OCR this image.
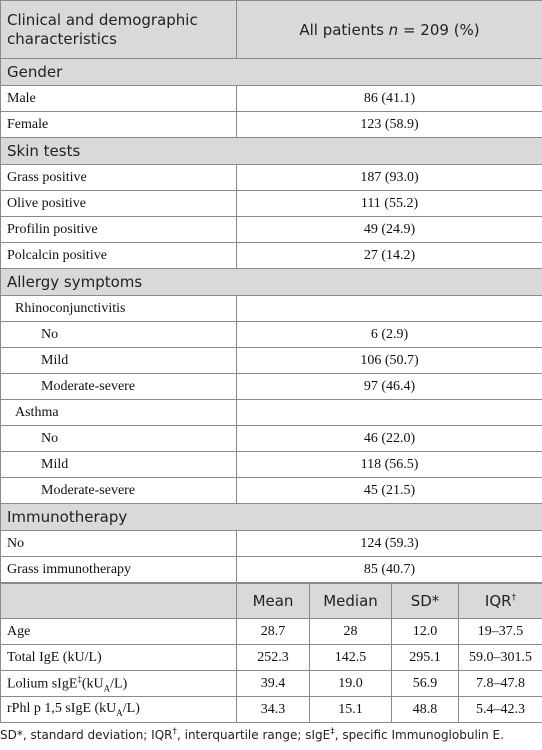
Clinical and demographic
characteristics	All patients n = 209 (%)
Gender	
Male	86 (41.1)
Female	123 (58.9)
Skin tests	
Grass positive	187 (93.0)
Olive positive	111 (55.2)
Profilin positive	49 (24.9)
Polcalcin positive	27 (14.2)
Allergy symptoms	
Rhinoconjunctivitis	
No	6 (2.9)
Mild	106 (50.7)
Moderate-severe	97 (46.4)
Asthma	
No	46 (22.0)
Mild	118 (56.5)
Moderate-severe	45 (21.5)
Immunotherapy	
No	124 (59.3)
Grass immunotherapy	85 (40.7)
	Mean	Median	SD*	IQR†
Age	28.7	28	12.0	19–37.5
Total IgE (kU/L)	252.3	142.5	295.1	59.0–301.5
Lolium $sIgE^\ddagger(kU_A/L)$	39.4	19.0	56.9	7.8–47.8
rPhl p 1,5 sIgE $(kU_A/L)$	34.3	15.1	48.8	5.4–42.3
SD*, standard deviation; IQR†, interquartile range; sIgE‡, specific Immunoglobulin E.
